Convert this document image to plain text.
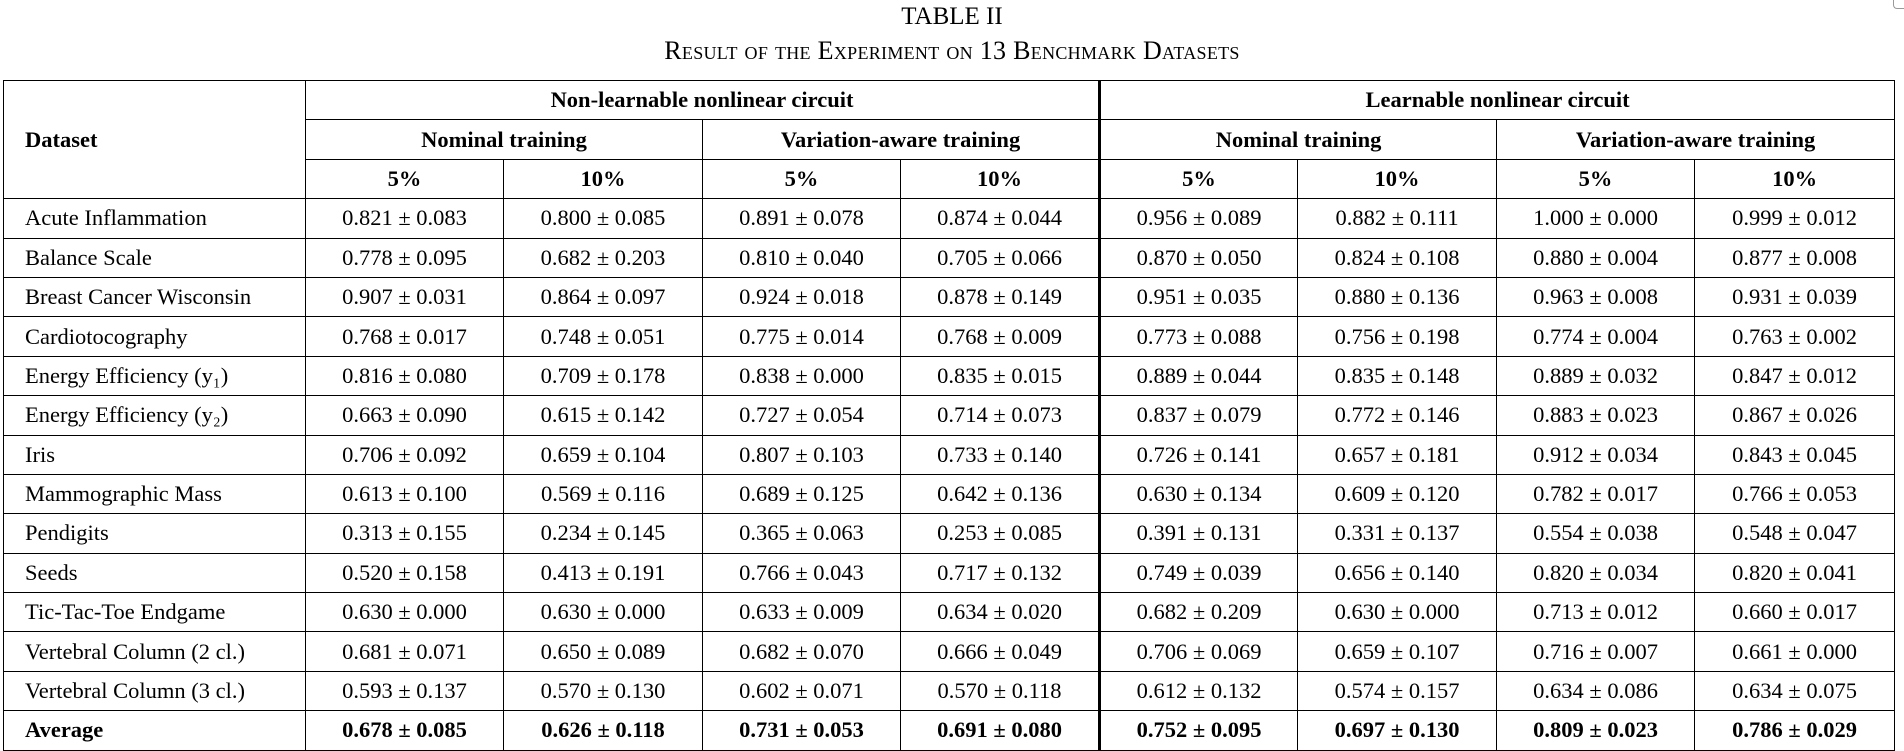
TABLE II
Result of the Experiment on 13 Benchmark Datasets
Dataset	Non-learnable nonlinear circuit				Learnable nonlinear circuit			
	Nominal training		Variation-aware training		Nominal training		Variation-aware training	
	5%	10%	5%	10%	5%	10%	5%	10%
Acute Inflammation	0.821 ± 0.083	0.800 ± 0.085	0.891 ± 0.078	0.874 ± 0.044	0.956 ± 0.089	0.882 ± 0.111	1.000 ± 0.000	0.999 ± 0.012
Balance Scale	0.778 ± 0.095	0.682 ± 0.203	0.810 ± 0.040	0.705 ± 0.066	0.870 ± 0.050	0.824 ± 0.108	0.880 ± 0.004	0.877 ± 0.008
Breast Cancer Wisconsin	0.907 ± 0.031	0.864 ± 0.097	0.924 ± 0.018	0.878 ± 0.149	0.951 ± 0.035	0.880 ± 0.136	0.963 ± 0.008	0.931 ± 0.039
Cardiotocography	0.768 ± 0.017	0.748 ± 0.051	0.775 ± 0.014	0.768 ± 0.009	0.773 ± 0.088	0.756 ± 0.198	0.774 ± 0.004	0.763 ± 0.002
Energy Efficiency (y₁)	0.816 ± 0.080	0.709 ± 0.178	0.838 ± 0.000	0.835 ± 0.015	0.889 ± 0.044	0.835 ± 0.148	0.889 ± 0.032	0.847 ± 0.012
Energy Efficiency (y₂)	0.663 ± 0.090	0.615 ± 0.142	0.727 ± 0.054	0.714 ± 0.073	0.837 ± 0.079	0.772 ± 0.146	0.883 ± 0.023	0.867 ± 0.026
Iris	0.706 ± 0.092	0.659 ± 0.104	0.807 ± 0.103	0.733 ± 0.140	0.726 ± 0.141	0.657 ± 0.181	0.912 ± 0.034	0.843 ± 0.045
Mammographic Mass	0.613 ± 0.100	0.569 ± 0.116	0.689 ± 0.125	0.642 ± 0.136	0.630 ± 0.134	0.609 ± 0.120	0.782 ± 0.017	0.766 ± 0.053
Pendigits	0.313 ± 0.155	0.234 ± 0.145	0.365 ± 0.063	0.253 ± 0.085	0.391 ± 0.131	0.331 ± 0.137	0.554 ± 0.038	0.548 ± 0.047
Seeds	0.520 ± 0.158	0.413 ± 0.191	0.766 ± 0.043	0.717 ± 0.132	0.749 ± 0.039	0.656 ± 0.140	0.820 ± 0.034	0.820 ± 0.041
Tic-Tac-Toe Endgame	0.630 ± 0.000	0.630 ± 0.000	0.633 ± 0.009	0.634 ± 0.020	0.682 ± 0.209	0.630 ± 0.000	0.713 ± 0.012	0.660 ± 0.017
Vertebral Column (2 cl.)	0.681 ± 0.071	0.650 ± 0.089	0.682 ± 0.070	0.666 ± 0.049	0.706 ± 0.069	0.659 ± 0.107	0.716 ± 0.007	0.661 ± 0.000
Vertebral Column (3 cl.)	0.593 ± 0.137	0.570 ± 0.130	0.602 ± 0.071	0.570 ± 0.118	0.612 ± 0.132	0.574 ± 0.157	0.634 ± 0.086	0.634 ± 0.075
Average	0.678 ± 0.085	0.626 ± 0.118	0.731 ± 0.053	0.691 ± 0.080	0.752 ± 0.095	0.697 ± 0.130	0.809 ± 0.023	0.786 ± 0.029
